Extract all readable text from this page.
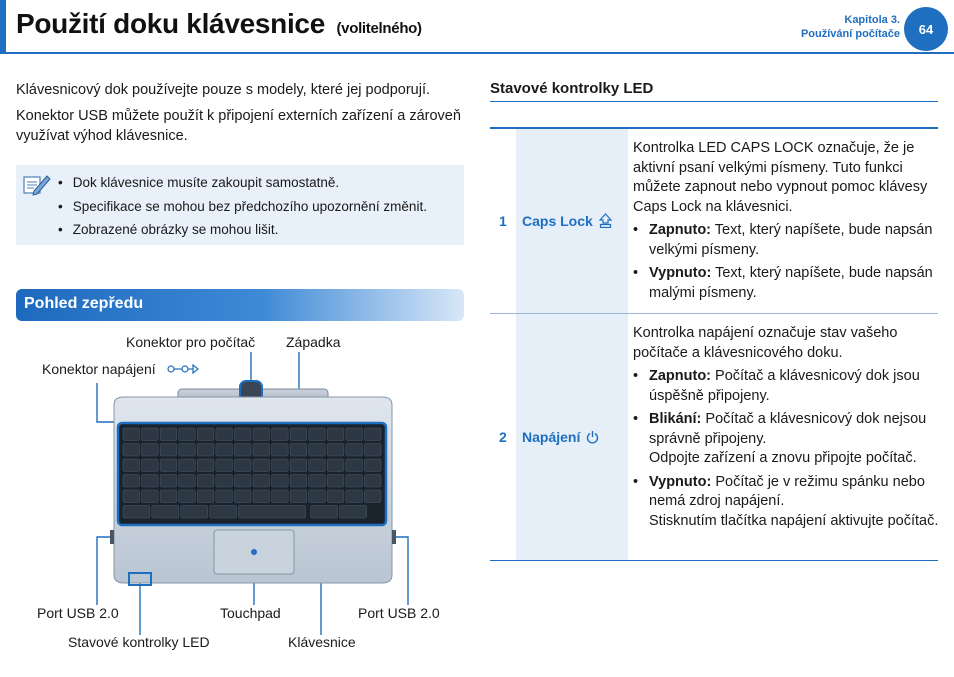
Použití doku klávesnice (volitelného)	Kapitola 3.
Používání počítače	64

Klávesnicový dok používejte pouze s modely, které jej podporují.

Konektor USB můžete použít k připojení externích zařízení a zároveň využívat výhod klávesnice.

• Dok klávesnice musíte zakoupit samostatně.
• Specifikace se mohou bez předchozího upozornění změnit.
• Zobrazené obrázky se mohou lišit.
Pohled zepředu
Konektor pro počítač Západka
Konektor napájení
Port USB 2.0	Touchpad	Port USB 2.0
Stavové kontrolky LED	Klávesnice
Stavové kontrolky LED
1 Caps Lock
Kontrolka LED CAPS LOCK označuje, že je aktivní psaní velkými písmeny. Tuto funkci můžete zapnout nebo vypnout pomoc klávesy Caps Lock na klávesnici.
• Zapnuto: Text, který napíšete, bude napsán velkými písmeny.
• Vypnuto: Text, který napíšete, bude napsán malými písmeny.
2 Napájení
Kontrolka napájení označuje stav vašeho počítače a klávesnicového doku.
• Zapnuto: Počítač a klávesnicový dok jsou úspěšně připojeny.
• Blikání: Počítač a klávesnicový dok nejsou správně připojeny.
Odpojte zařízení a znovu připojte počítač.
• Vypnuto: Počítač je v režimu spánku nebo nemá zdroj napájení.
Stisknutím tlačítka napájení aktivujte počítač.
